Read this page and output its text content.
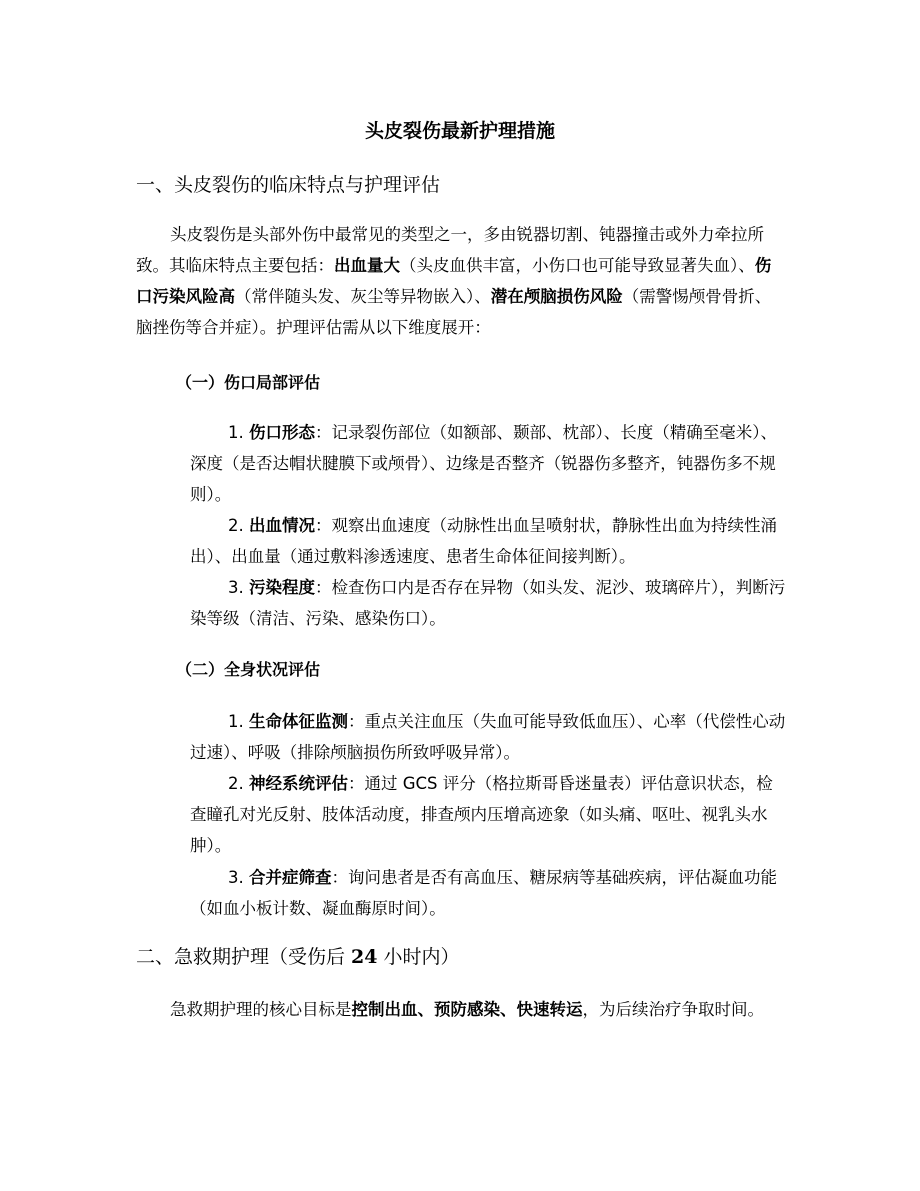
头皮裂伤最新护理措施
一、头皮裂伤的临床特点与护理评估

头皮裂伤是头部外伤中最常见的类型之一，多由锐器切割、钝器撞击或外力牵拉所致。其临床特点主要包括：出血量大（头皮血供丰富，小伤口也可能导致显著失血）、伤口污染风险高（常伴随头发、灰尘等异物嵌入）、潜在颅脑损伤风险（需警惕颅骨骨折、脑挫伤等合并症）。护理评估需从以下维度展开：

（一）伤口局部评估

1. 伤口形态：记录裂伤部位（如额部、颞部、枕部）、长度（精确至毫米）、深度（是否达帽状腱膜下或颅骨）、边缘是否整齐（锐器伤多整齐，钝器伤多不规则）。

2. 出血情况：观察出血速度（动脉性出血呈喷射状，静脉性出血为持续性涌出）、出血量（通过敷料渗透速度、患者生命体征间接判断）。

3. 污染程度：检查伤口内是否存在异物（如头发、泥沙、玻璃碎片），判断污染等级（清洁、污染、感染伤口）。

（二）全身状况评估

1. 生命体征监测：重点关注血压（失血可能导致低血压）、心率（代偿性心动过速）、呼吸（排除颅脑损伤所致呼吸异常）。

2. 神经系统评估：通过 GCS 评分（格拉斯哥昏迷量表）评估意识状态，检查瞳孔对光反射、肢体活动度，排查颅内压增高迹象（如头痛、呕吐、视乳头水肿）。

3. 合并症筛查：询问患者是否有高血压、糖尿病等基础疾病，评估凝血功能（如血小板计数、凝血酶原时间）。

二、急救期护理（受伤后 24 小时内）

急救期护理的核心目标是控制出血、预防感染、快速转运，为后续治疗争取时间。
